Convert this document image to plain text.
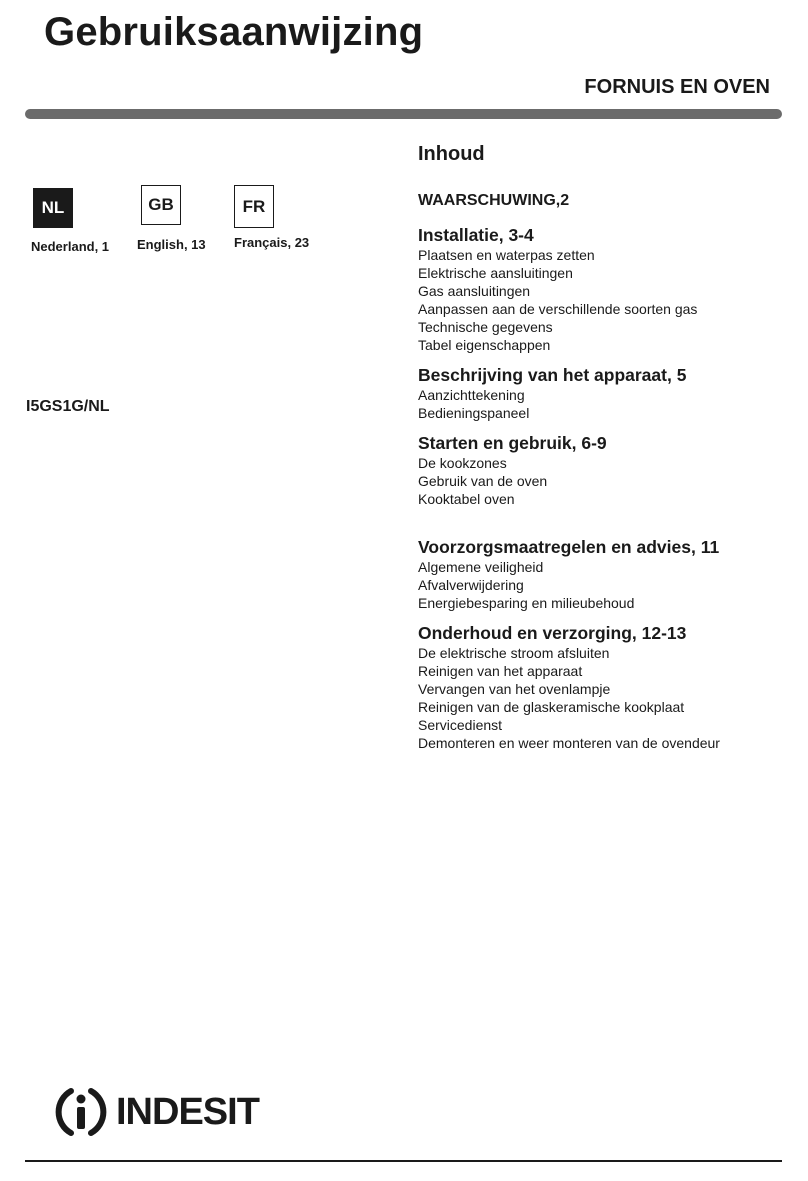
Gebruiksaanwijzing
FORNUIS EN OVEN
NL	GB	FR
Nederland, 1 English, 13 Français, 23
I5GS1G/NL
Inhoud
WAARSCHUWING,2
Installatie, 3-4
Plaatsen en waterpas zetten
Elektrische aansluitingen
Gas aansluitingen
Aanpassen aan de verschillende soorten gas
Technische gegevens
Tabel eigenschappen
Beschrijving van het apparaat, 5
Aanzichttekening
Bedieningspaneel
Starten en gebruik, 6-9
De kookzones
Gebruik van de oven
Kooktabel oven
Voorzorgsmaatregelen en advies, 11
Algemene veiligheid
Afvalverwijdering
Energiebesparing en milieubehoud
Onderhoud en verzorging, 12-13
De elektrische stroom afsluiten
Reinigen van het apparaat
Vervangen van het ovenlampje
Reinigen van de glaskeramische kookplaat
Servicedienst
Demonteren en weer monteren van de ovendeur
INDESIT
